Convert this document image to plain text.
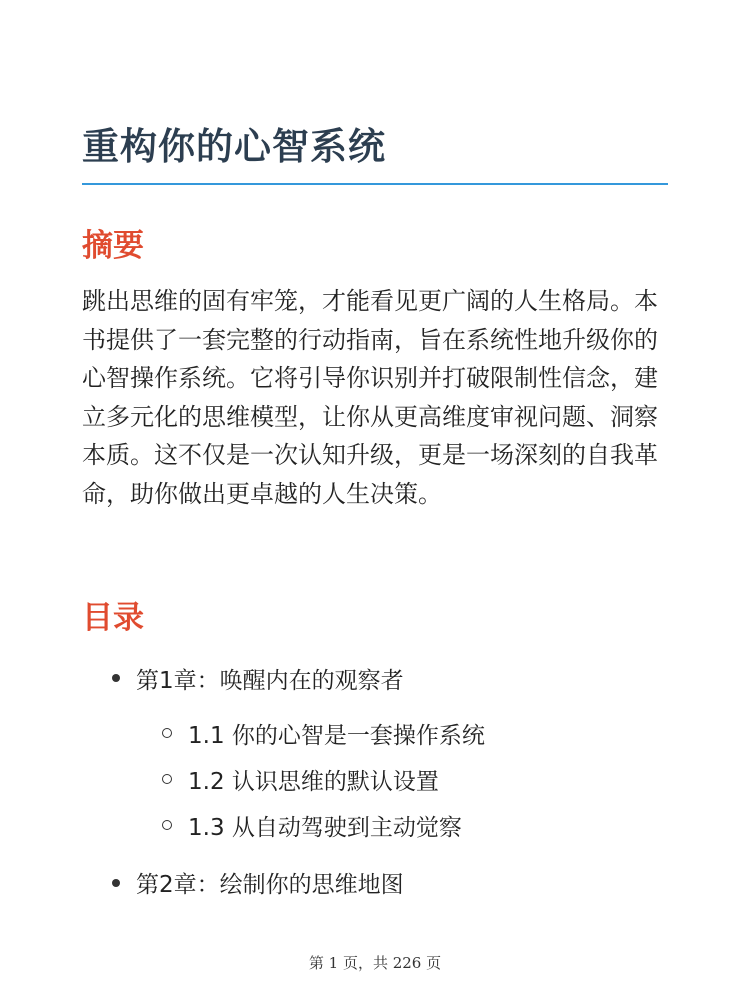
重构你的心智系统
摘要

跳出思维的固有牢笼，才能看见更广阔的人生格局。本书提供了一套完整的行动指南，旨在系统性地升级你的心智操作系统。它将引导你识别并打破限制性信念，建立多元化的思维模型，让你从更高维度审视问题、洞察本质。这不仅是一次认知升级，更是一场深刻的自我革命，助你做出更卓越的人生决策。

目录
第1章：唤醒内在的观察者
1.1 你的心智是一套操作系统
1.2 认识思维的默认设置
1.3 从自动驾驶到主动觉察
第2章：绘制你的思维地图
第 1 页，共 226 页
